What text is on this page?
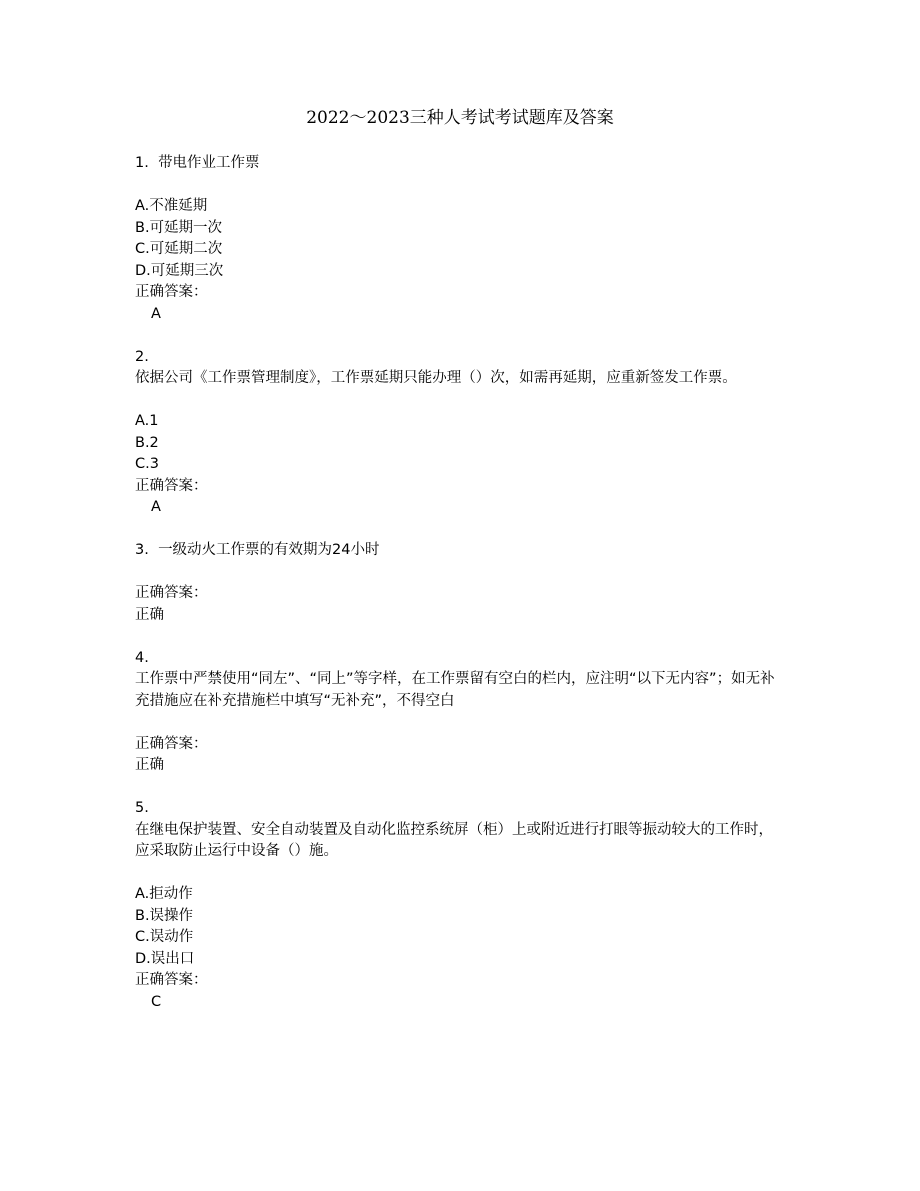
2022～2023三种人考试考试题库及答案

1. 带电作业工作票

A.不准延期
B.可延期一次
C.可延期二次
D.可延期三次

正确答案：

A

2.

依据公司《工作票管理制度》，工作票延期只能办理（）次，如需再延期，应重新签发工作票。

A.1
B.2
C.3

正确答案：

A

3. 一级动火工作票的有效期为24小时

正确答案：

正确

4.

工作票中严禁使用“同左”、“同上”等字样，在工作票留有空白的栏内，应注明“以下无内容”；如无补充措施应在补充措施栏中填写“无补充”，不得空白

正确答案：

正确

5.

在继电保护装置、安全自动装置及自动化监控系统屏（柜）上或附近进行打眼等振动较大的工作时，应采取防止运行中设备（）施。

A.拒动作
B.误操作
C.误动作
D.误出口

正确答案：

C
